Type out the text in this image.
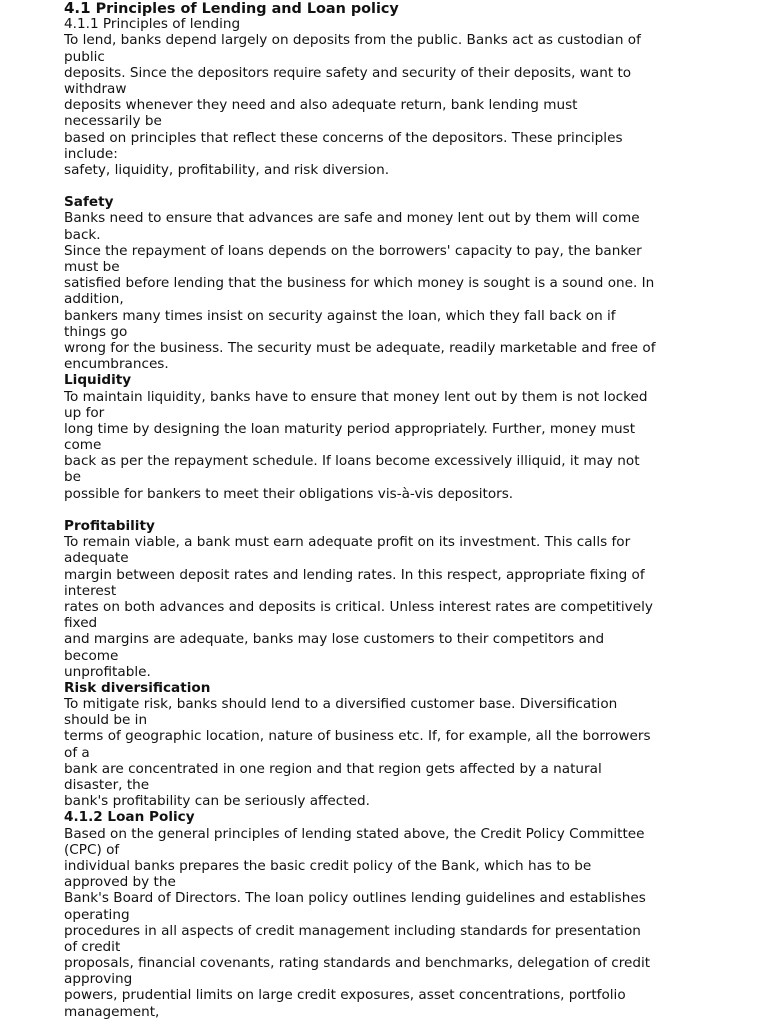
4.1 Principles of Lending and Loan policy
4.1.1 Principles of lending
To lend, banks depend largely on deposits from the public. Banks act as custodian of
public
deposits. Since the depositors require safety and security of their deposits, want to
withdraw
deposits whenever they need and also adequate return, bank lending must
necessarily be
based on principles that reflect these concerns of the depositors. These principles
include:
safety, liquidity, profitability, and risk diversion.
Safety
Banks need to ensure that advances are safe and money lent out by them will come
back.
Since the repayment of loans depends on the borrowers' capacity to pay, the banker
must be
satisfied before lending that the business for which money is sought is a sound one. In
addition,
bankers many times insist on security against the loan, which they fall back on if
things go
wrong for the business. The security must be adequate, readily marketable and free of
encumbrances.
Liquidity
To maintain liquidity, banks have to ensure that money lent out by them is not locked
up for
long time by designing the loan maturity period appropriately. Further, money must
come
back as per the repayment schedule. If loans become excessively illiquid, it may not
be
possible for bankers to meet their obligations vis-à-vis depositors.
Profitability
To remain viable, a bank must earn adequate profit on its investment. This calls for
adequate
margin between deposit rates and lending rates. In this respect, appropriate fixing of
interest
rates on both advances and deposits is critical. Unless interest rates are competitively
fixed
and margins are adequate, banks may lose customers to their competitors and
become
unprofitable.
Risk diversification
To mitigate risk, banks should lend to a diversified customer base. Diversification
should be in
terms of geographic location, nature of business etc. If, for example, all the borrowers
of a
bank are concentrated in one region and that region gets affected by a natural
disaster, the
bank's profitability can be seriously affected.
4.1.2 Loan Policy
Based on the general principles of lending stated above, the Credit Policy Committee
(CPC) of
individual banks prepares the basic credit policy of the Bank, which has to be
approved by the
Bank's Board of Directors. The loan policy outlines lending guidelines and establishes
operating
procedures in all aspects of credit management including standards for presentation
of credit
proposals, financial covenants, rating standards and benchmarks, delegation of credit
approving
powers, prudential limits on large credit exposures, asset concentrations, portfolio
management,
